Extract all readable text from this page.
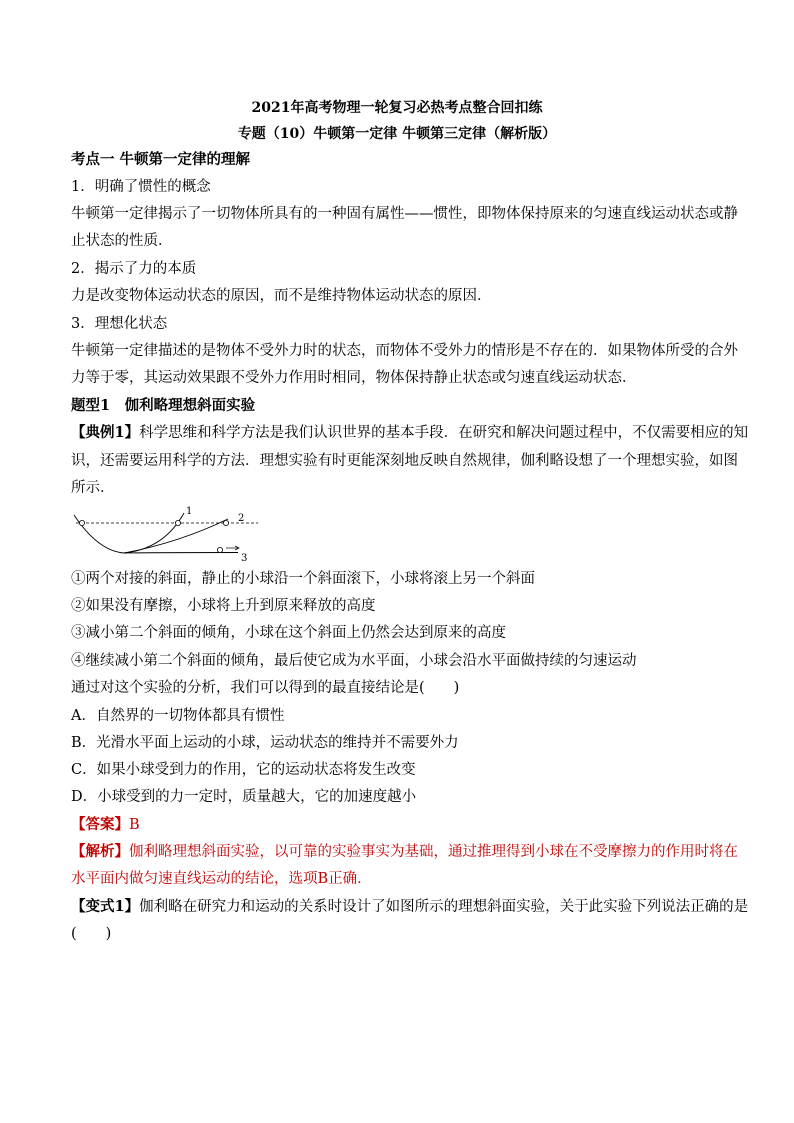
2021年高考物理一轮复习必热考点整合回扣练
专题（10）牛顿第一定律 牛顿第三定律（解析版）
考点一 牛顿第一定律的理解
1．明确了惯性的概念
牛顿第一定律揭示了一切物体所具有的一种固有属性——惯性，即物体保持原来的匀速直线运动状态或静
止状态的性质．
2．揭示了力的本质
力是改变物体运动状态的原因，而不是维持物体运动状态的原因．
3．理想化状态
牛顿第一定律描述的是物体不受外力时的状态，而物体不受外力的情形是不存在的．如果物体所受的合外
力等于零，其运动效果跟不受外力作用时相同，物体保持静止状态或匀速直线运动状态．
题型1　伽利略理想斜面实验
【典例1】科学思维和科学方法是我们认识世界的基本手段．在研究和解决问题过程中，不仅需要相应的知
识，还需要运用科学的方法．理想实验有时更能深刻地反映自然规律，伽利略设想了一个理想实验，如图
所示．
1
2
3
①两个对接的斜面，静止的小球沿一个斜面滚下，小球将滚上另一个斜面
②如果没有摩擦，小球将上升到原来释放的高度
③减小第二个斜面的倾角，小球在这个斜面上仍然会达到原来的高度
④继续减小第二个斜面的倾角，最后使它成为水平面，小球会沿水平面做持续的匀速运动
通过对这个实验的分析，我们可以得到的最直接结论是(　　)
A．自然界的一切物体都具有惯性
B．光滑水平面上运动的小球，运动状态的维持并不需要外力
C．如果小球受到力的作用，它的运动状态将发生改变
D．小球受到的力一定时，质量越大，它的加速度越小
【答案】B
【解析】伽利略理想斜面实验，以可靠的实验事实为基础，通过推理得到小球在不受摩擦力的作用时将在
水平面内做匀速直线运动的结论，选项B正确．
【变式1】伽利略在研究力和运动的关系时设计了如图所示的理想斜面实验，关于此实验下列说法正确的是
(　　)
